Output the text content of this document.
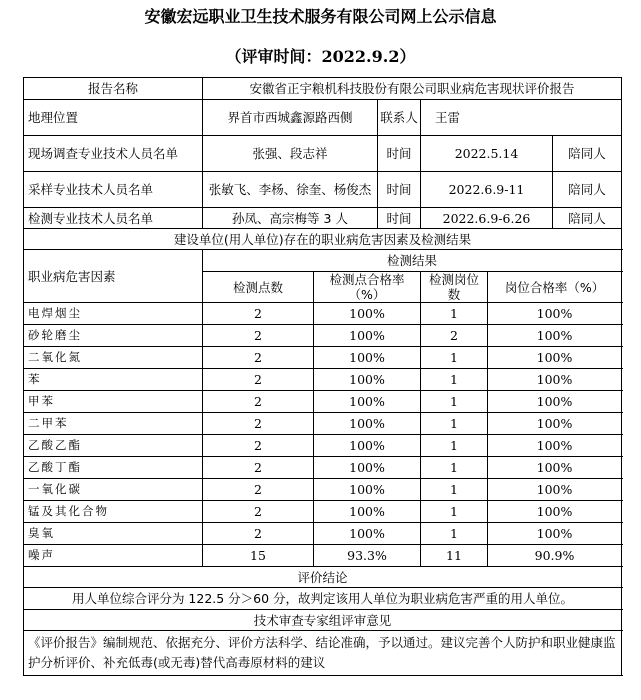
安徽宏远职业卫生技术服务有限公司网上公示信息
（评审时间：2022.9.2）
报告名称	安徽省正宇粮机科技股份有限公司职业病危害现状评价报告						
地理位置	界首市西城鑫源路西侧		联系人	王雷			
现场调查专业技术人员名单	张强、段志祥		时间	2022.5.14		陪同人	
采样专业技术人员名单	张敏飞、李杨、徐奎、杨俊杰		时间	2022.6.9-11		陪同人	
检测专业技术人员名单	孙凤、高宗梅等 3 人		时间	2022.6.9-6.26		陪同人	
建设单位(用人单位)存在的职业病危害因素及检测结果							
职业病危害因素	检测结果						
	检测点数	检测点合格率（%）		检测岗位数	岗位合格率（%）		
电焊烟尘	2	100%		1	100%		
砂轮磨尘	2	100%		2	100%		
二氧化氮	2	100%		1	100%		
苯	2	100%		1	100%		
甲苯	2	100%		1	100%		
二甲苯	2	100%		1	100%		
乙酸乙酯	2	100%		1	100%		
乙酸丁酯	2	100%		1	100%		
一氧化碳	2	100%		1	100%		
锰及其化合物	2	100%		1	100%		
臭氧	2	100%		1	100%		
噪声	15	93.3%		11	90.9%		
评价结论							
用人单位综合评分为 122.5 分＞60 分，故判定该用人单位为职业病危害严重的用人单位。							
技术审查专家组评审意见							
《评价报告》编制规范、依据充分、评价方法科学、结论准确，予以通过。建议完善个人防护和职业健康监护分析评价、补充低毒(或无毒)替代高毒原材料的建议							
